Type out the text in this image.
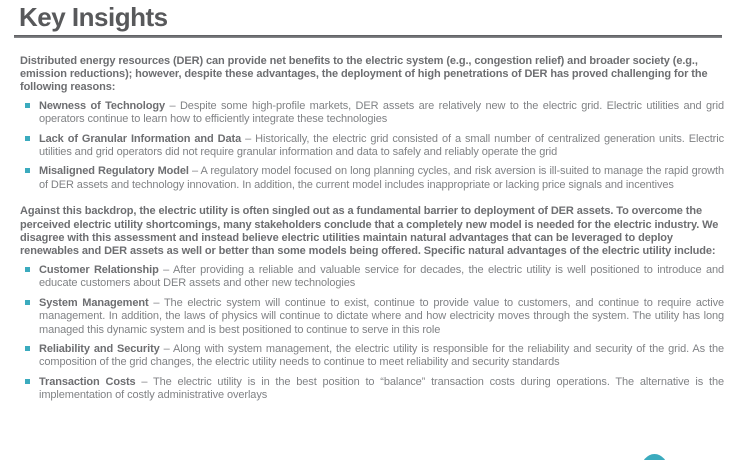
Key Insights

Distributed energy resources (DER) can provide net benefits to the electric system (e.g., congestion relief) and broader society (e.g., emission reductions); however, despite these advantages, the deployment of high penetrations of DER has proved challenging for the following reasons:

Newness of Technology – Despite some high-profile markets, DER assets are relatively new to the electric grid. Electric utilities and grid operators continue to learn how to efficiently integrate these technologies
Lack of Granular Information and Data – Historically, the electric grid consisted of a small number of centralized generation units. Electric utilities and grid operators did not require granular information and data to safely and reliably operate the grid
Misaligned Regulatory Model – A regulatory model focused on long planning cycles, and risk aversion is ill-suited to manage the rapid growth of DER assets and technology innovation. In addition, the current model includes inappropriate or lacking price signals and incentives

Against this backdrop, the electric utility is often singled out as a fundamental barrier to deployment of DER assets. To overcome the perceived electric utility shortcomings, many stakeholders conclude that a completely new model is needed for the electric industry. We disagree with this assessment and instead believe electric utilities maintain natural advantages that can be leveraged to deploy renewables and DER assets as well or better than some models being offered. Specific natural advantages of the electric utility include:

Customer Relationship – After providing a reliable and valuable service for decades, the electric utility is well positioned to introduce and educate customers about DER assets and other new technologies
System Management – The electric system will continue to exist, continue to provide value to customers, and continue to require active management. In addition, the laws of physics will continue to dictate where and how electricity moves through the system. The utility has long managed this dynamic system and is best positioned to continue to serve in this role
Reliability and Security – Along with system management, the electric utility is responsible for the reliability and security of the grid. As the composition of the grid changes, the electric utility needs to continue to meet reliability and security standards
Transaction Costs – The electric utility is in the best position to “balance” transaction costs during operations. The alternative is the implementation of costly administrative overlays
